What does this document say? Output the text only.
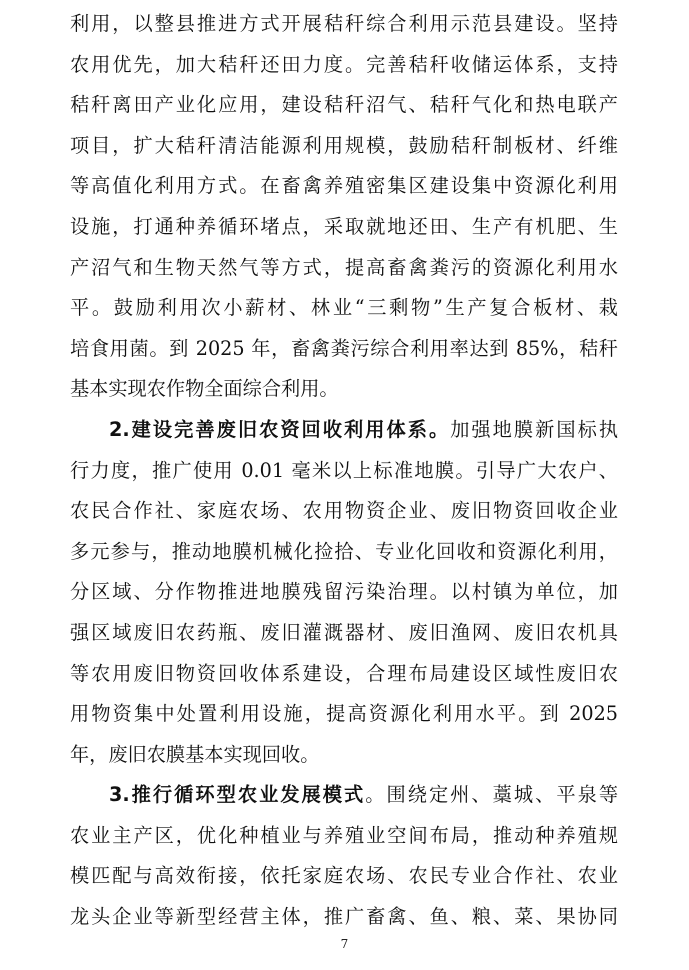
利用，以整县推进方式开展秸秆综合利用示范县建设。坚持
农用优先，加大秸秆还田力度。完善秸秆收储运体系，支持
秸秆离田产业化应用，建设秸秆沼气、秸秆气化和热电联产
项目，扩大秸秆清洁能源利用规模，鼓励秸秆制板材、纤维
等高值化利用方式。在畜禽养殖密集区建设集中资源化利用
设施，打通种养循环堵点，采取就地还田、生产有机肥、生
产沼气和生物天然气等方式，提高畜禽粪污的资源化利用水
平。鼓励利用次小薪材、林业“三剩物”生产复合板材、栽
培食用菌。到 2025 年，畜禽粪污综合利用率达到 85%，秸秆
基本实现农作物全面综合利用。
2.建设完善废旧农资回收利用体系。加强地膜新国标执
行力度，推广使用 0.01 毫米以上标准地膜。引导广大农户、
农民合作社、家庭农场、农用物资企业、废旧物资回收企业
多元参与，推动地膜机械化捡拾、专业化回收和资源化利用，
分区域、分作物推进地膜残留污染治理。以村镇为单位，加
强区域废旧农药瓶、废旧灌溉器材、废旧渔网、废旧农机具
等农用废旧物资回收体系建设，合理布局建设区域性废旧农
用物资集中处置利用设施，提高资源化利用水平。到 2025
年，废旧农膜基本实现回收。
3.推行循环型农业发展模式。围绕定州、藁城、平泉等
农业主产区，优化种植业与养殖业空间布局，推动种养殖规
模匹配与高效衔接，依托家庭农场、农民专业合作社、农业
龙头企业等新型经营主体，推广畜禽、鱼、粮、菜、果协同
7
